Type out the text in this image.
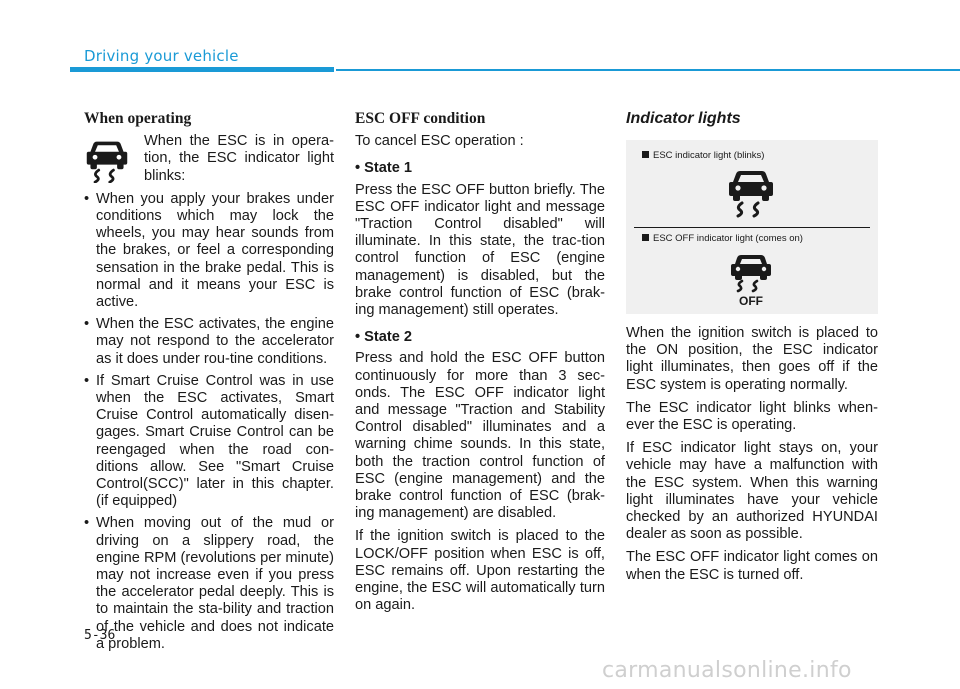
Driving your vehicle
When operating
When the ESC is in opera-tion, the ESC indicator light blinks:
• When you apply your brakes under conditions which may lock the wheels, you may hear sounds from the brakes, or feel a corresponding sensation in the brake pedal. This is normal and it means your ESC is active.
• When the ESC activates, the engine may not respond to the accelerator as it does under rou-tine conditions.
• If Smart Cruise Control was in use when the ESC activates, Smart Cruise Control automatically disen-gages. Smart Cruise Control can be reengaged when the road con-ditions allow. See "Smart Cruise Control(SCC)" later in this chapter. (if equipped)
• When moving out of the mud or driving on a slippery road, the engine RPM (revolutions per minute) may not increase even if you press the accelerator pedal deeply. This is to maintain the sta-bility and traction of the vehicle and does not indicate a problem.
ESC OFF condition

To cancel ESC operation :

• State 1

Press the ESC OFF button briefly. The ESC OFF indicator light and message "Traction Control disabled" will illuminate. In this state, the trac-tion control function of ESC (engine management) is disabled, but the brake control function of ESC (brak-ing management) still operates.

• State 2

Press and hold the ESC OFF button continuously for more than 3 sec-onds. The ESC OFF indicator light and message "Traction and Stability Control disabled" illuminates and a warning chime sounds. In this state, both the traction control function of ESC (engine management) and the brake control function of ESC (brak-ing management) are disabled.

If the ignition switch is placed to the LOCK/OFF position when ESC is off, ESC remains off. Upon restarting the engine, the ESC will automatically turn on again.

Indicator lights
ESC indicator light (blinks)
ESC OFF indicator light (comes on)
OFF

When the ignition switch is placed to the ON position, the ESC indicator light illuminates, then goes off if the ESC system is operating normally.

The ESC indicator light blinks when-ever the ESC is operating.

If ESC indicator light stays on, your vehicle may have a malfunction with the ESC system. When this warning light illuminates have your vehicle checked by an authorized HYUNDAI dealer as soon as possible.

The ESC OFF indicator light comes on when the ESC is turned off.

5-36
carmanualsonline.info
